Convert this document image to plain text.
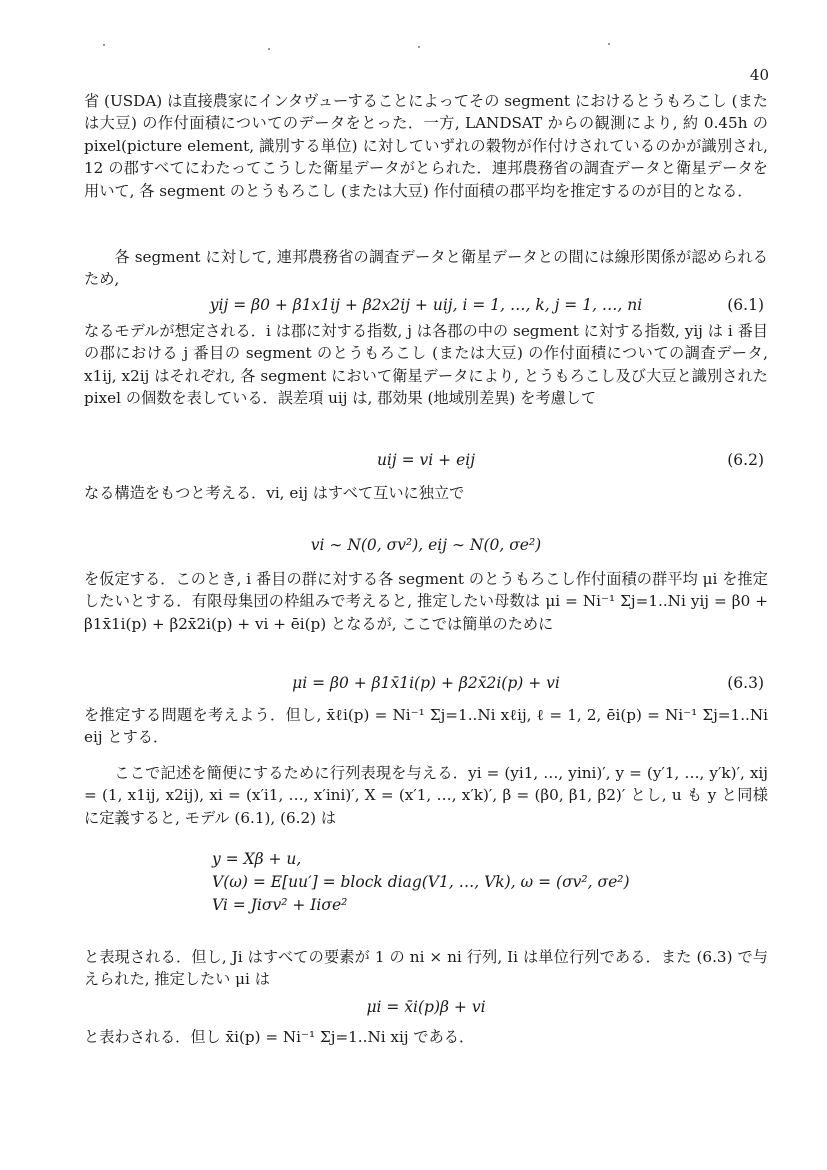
40

省 (USDA) は直接農家にインタヴューすることによってその segment におけるとうもろこし (または大豆) の作付面積についてのデータをとった．一方, LANDSAT からの観測により, 約 0.45h の pixel(picture element, 識別する単位) に対していずれの穀物が作付けされているのかが識別され, 12 の郡すべてにわたってこうした衛星データがとられた．連邦農務省の調査データと衛星データを用いて, 各 segment のとうもろこし (または大豆) 作付面積の郡平均を推定するのが目的となる．

各 segment に対して, 連邦農務省の調査データと衛星データとの間には線形関係が認められるため,

yij = β0 + β1x1ij + β2x2ij + uij, i = 1, …, k, j = 1, …, ni	(6.1)

なるモデルが想定される．i は郡に対する指数, j は各郡の中の segment に対する指数, yij は i 番目の郡における j 番目の segment のとうもろこし (または大豆) の作付面積についての調査データ, x1ij, x2ij はそれぞれ, 各 segment において衛星データにより, とうもろこし及び大豆と識別された pixel の個数を表している．誤差項 uij は, 郡効果 (地域別差異) を考慮して

uij = vi + eij	(6.2)

なる構造をもつと考える．vi, eij はすべて互いに独立で

vi ∼ N(0, σv²), eij ∼ N(0, σe²)

を仮定する．このとき, i 番目の群に対する各 segment のとうもろこし作付面積の群平均 μi を推定したいとする．有限母集団の枠組みで考えると, 推定したい母数は μi = Ni⁻¹ Σj=1..Ni yij = β0 + β1x̄1i(p) + β2x̄2i(p) + vi + ēi(p) となるが, ここでは簡単のために

μi = β0 + β1x̄1i(p) + β2x̄2i(p) + vi	(6.3)

を推定する問題を考えよう．但し, x̄ℓi(p) = Ni⁻¹ Σj=1..Ni xℓij, ℓ = 1, 2, ēi(p) = Ni⁻¹ Σj=1..Ni eij とする．

ここで記述を簡便にするために行列表現を与える．yi = (yi1, …, yini)′, y = (y′1, …, y′k)′, xij = (1, x1ij, x2ij), xi = (x′i1, …, x′ini)′, X = (x′1, …, x′k)′, β = (β0, β1, β2)′ とし, u も y と同様に定義すると, モデル (6.1), (6.2) は

y = Xβ + u,
V(ω) = E[uu′] = block diag(V1, …, Vk), ω = (σv², σe²)
Vi = Jiσv² + Iiσe²

と表現される．但し, Ji はすべての要素が 1 の ni × ni 行列, Ii は単位行列である．また (6.3) で与えられた, 推定したい μi は

μi = x̄i(p)β + vi

と表わされる．但し x̄i(p) = Ni⁻¹ Σj=1..Ni xij である．
